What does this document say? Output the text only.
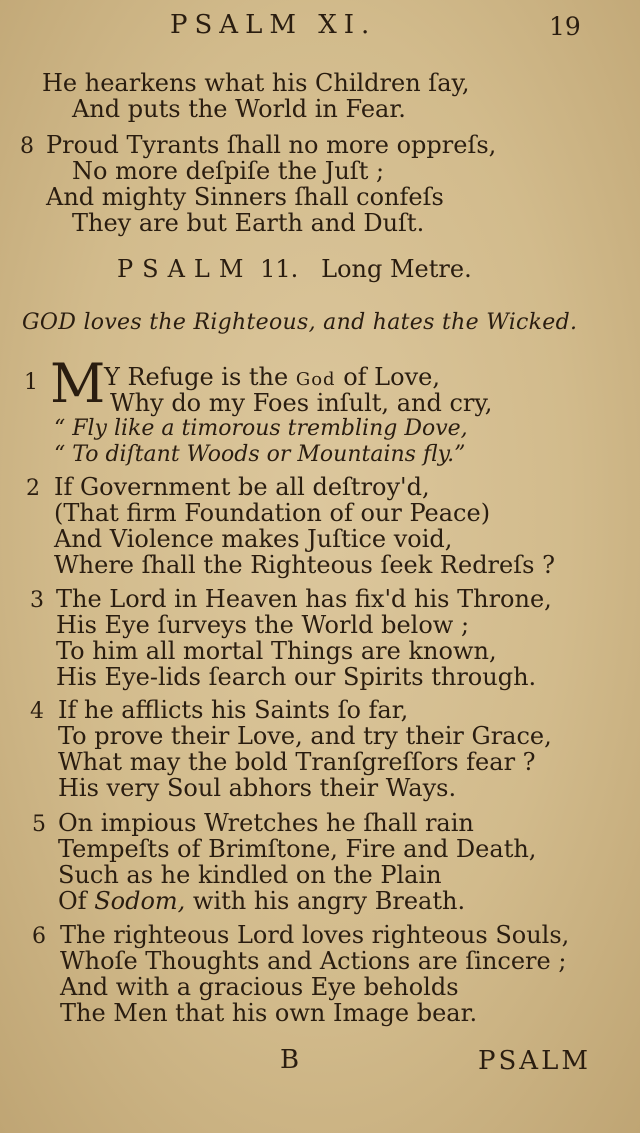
PSALM XI.	19
He hearkens what his Children ſay,
And puts the World in Fear.
8 Proud Tyrants ſhall no more oppreſs,
No more deſpiſe the Juſt ;
And mighty Sinners ſhall confeſs
They are but Earth and Duſt.
PSALM 11. Long Metre.
GOD loves the Righteous, and hates the Wicked.
1 M
Y Refuge is the God of Love,
Why do my Foes inſult, and cry,
“ Fly like a timorous trembling Dove,
“ To diſtant Woods or Mountains fly.”
2 If Government be all deſtroy'd,
(That firm Foundation of our Peace)
And Violence makes Juſtice void,
Where ſhall the Righteous ſeek Redreſs ?
3 The Lord in Heaven has fix'd his Throne,
His Eye ſurveys the World below ;
To him all mortal Things are known,
His Eye-lids ſearch our Spirits through.
4 If he afflicts his Saints ſo far,
To prove their Love, and try their Grace,
What may the bold Tranſgreſſors fear ?
His very Soul abhors their Ways.
5 On impious Wretches he ſhall rain
Tempeſts of Brimſtone, Fire and Death,
Such as he kindled on the Plain
Of Sodom, with his angry Breath.
6 The righteous Lord loves righteous Souls,
Whoſe Thoughts and Actions are ſincere ;
And with a gracious Eye beholds
The Men that his own Image bear.
B	PSALM
